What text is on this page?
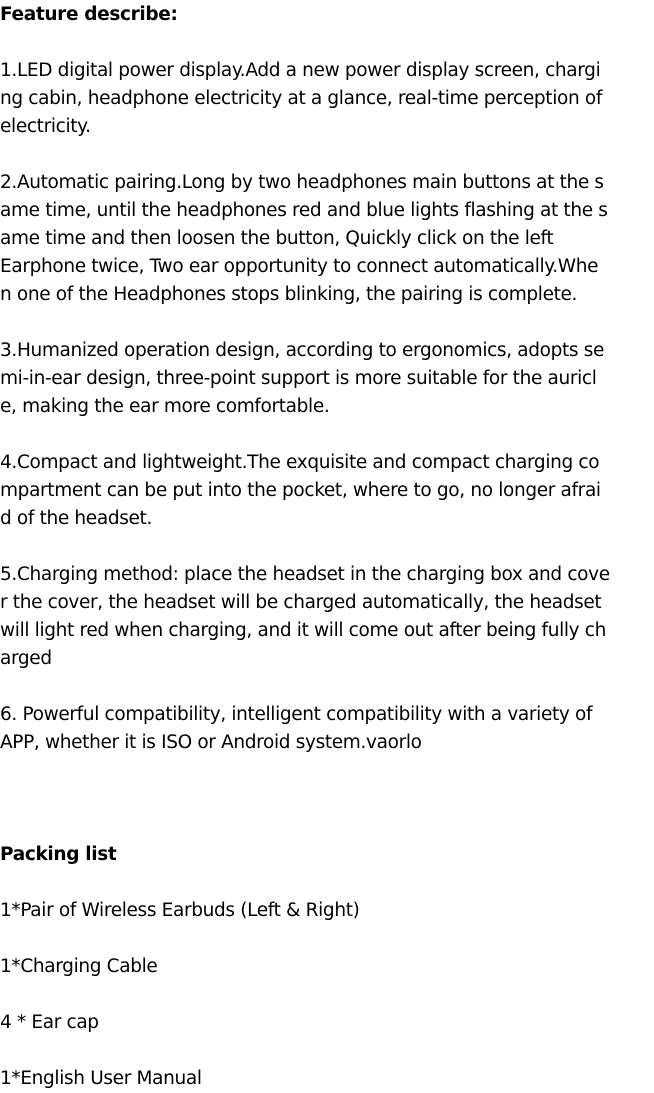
Feature describe:
1.LED digital power display.Add a new power display screen, chargi
ng cabin, headphone electricity at a glance, real-time perception of
electricity.
2.Automatic pairing.Long by two headphones main buttons at the s
ame time, until the headphones red and blue lights flashing at the s
ame time and then loosen the button, Quickly click on the left
Earphone twice, Two ear opportunity to connect automatically.Whe
n one of the Headphones stops blinking, the pairing is complete.
3.Humanized operation design, according to ergonomics, adopts se
mi-in-ear design, three-point support is more suitable for the auricl
e, making the ear more comfortable.
4.Compact and lightweight.The exquisite and compact charging co
mpartment can be put into the pocket, where to go, no longer afrai
d of the headset.
5.Charging method: place the headset in the charging box and cove
r the cover, the headset will be charged automatically, the headset
will light red when charging, and it will come out after being fully ch
arged
6. Powerful compatibility, intelligent compatibility with a variety of
APP, whether it is ISO or Android system.vaorlo
Packing list
1*Pair of Wireless Earbuds (Left & Right)
1*Charging Cable
4 * Ear cap
1*English User Manual
